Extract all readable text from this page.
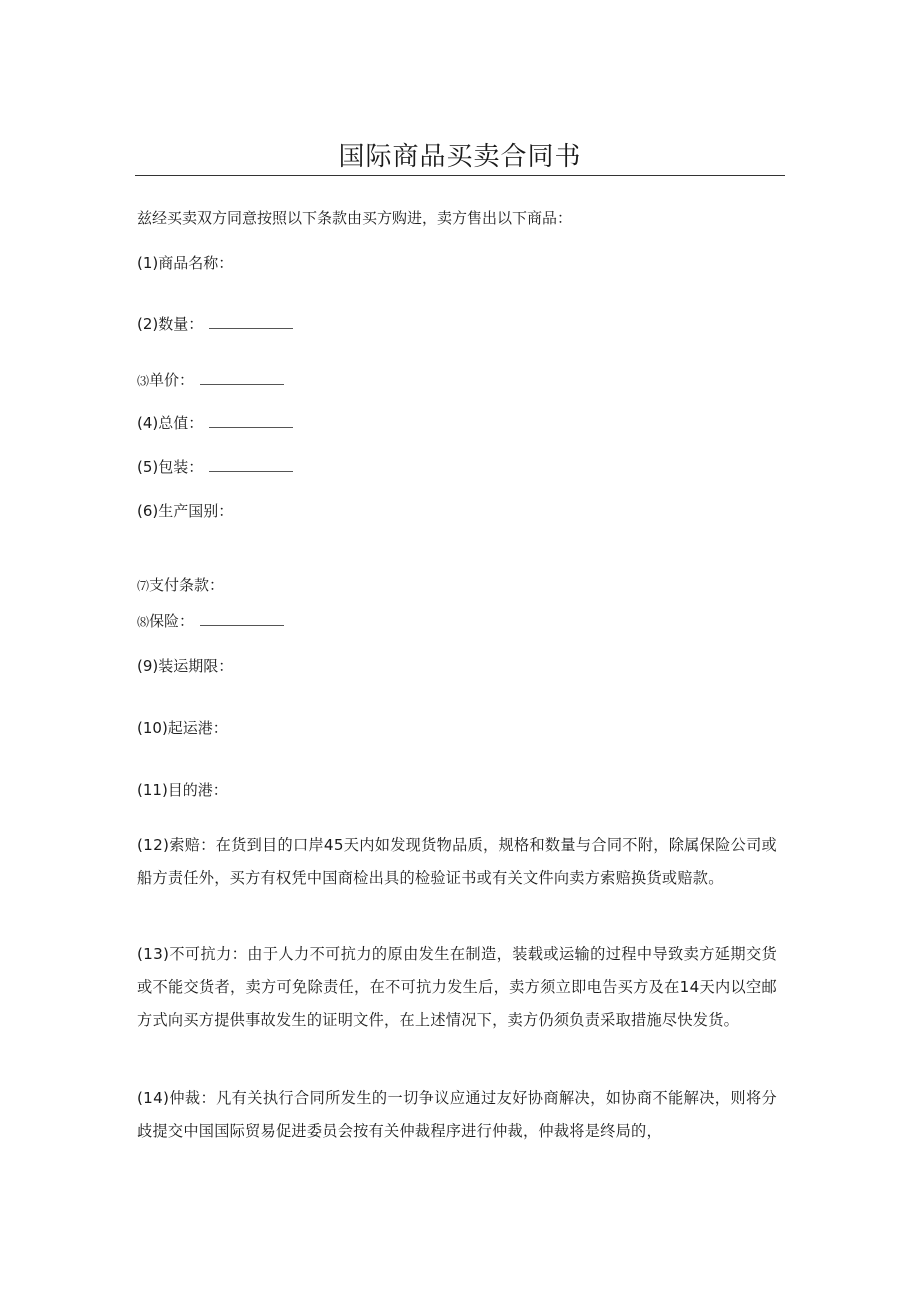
国际商品买卖合同书
兹经买卖双方同意按照以下条款由买方购进，卖方售出以下商品：
(1)商品名称：
(2)数量：
⑶单价：
(4)总值：
(5)包装：
(6)生产国别：
⑺支付条款：
⑻保险：
(9)装运期限：
(10)起运港：
(11)目的港：
(12)索赔：在货到目的口岸45天内如发现货物品质，规格和数量与合同不附，除属保险公司或船方责任外，买方有权凭中国商检出具的检验证书或有关文件向卖方索赔换货或赔款。
(13)不可抗力：由于人力不可抗力的原由发生在制造，装载或运输的过程中导致卖方延期交货或不能交货者，卖方可免除责任，在不可抗力发生后，卖方须立即电告买方及在14天内以空邮方式向买方提供事故发生的证明文件，在上述情况下，卖方仍须负责采取措施尽快发货。
(14)仲裁：凡有关执行合同所发生的一切争议应通过友好协商解决，如协商不能解决，则将分歧提交中国国际贸易促进委员会按有关仲裁程序进行仲裁，仲裁将是终局的，
